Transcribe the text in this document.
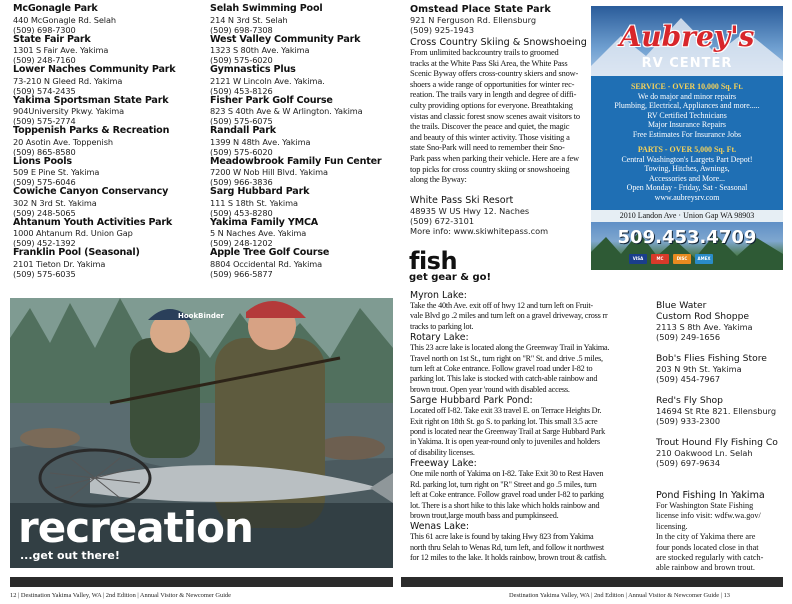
McGonagle Park
440 McGonagle Rd. Selah
(509) 698-7300
State Fair Park
1301 S Fair Ave. Yakima
(509) 248-7160
Lower Naches Community Park
73-210 N Gleed Rd. Yakima
(509) 574-2435
Yakima Sportsman State Park
904University Pkwy. Yakima
(509) 575-2774
Toppenish Parks & Recreation
20 Asotin Ave. Toppenish
(509) 865-8580
Lions Pools
509 E Pine St. Yakima
(509) 575-6046
Cowiche Canyon Conservancy
302 N 3rd St. Yakima
(509) 248-5065
Ahtanum Youth Activities Park
1000 Ahtanum Rd. Union Gap
(509) 452-1392
Franklin Pool (Seasonal)
2101 Tieton Dr. Yakima
(509) 575-6035
Selah Swimming Pool
214 N 3rd St. Selah
(509) 698-7308
West Valley Community Park
1323 S 80th Ave. Yakima
(509) 575-6020
Gymnastics Plus
2121 W Lincoln Ave. Yakima.
(509) 453-8126
Fisher Park Golf Course
823 S 40th Ave & W Arlington. Yakima
(509) 575-6075
Randall Park
1399 N 48th Ave. Yakima
(509) 575-6020
Meadowbrook Family Fun Center
7200 W Nob Hill Blvd. Yakima
(509) 966-3836
Sarg Hubbard Park
111 S 18th St. Yakima
(509) 453-8280
Yakima Family YMCA
5 N Naches Ave. Yakima
(509) 248-1202
Apple Tree Golf Course
8804 Occidental Rd. Yakima
(509) 966-5877
HookBinder
recreation
...get out there!
12 | Destination Yakima Valley, WA | 2nd Edition | Annual Visitor & Newcomer Guide	Destination Yakima Valley, WA | 2nd Edition | Annual Visitor & Newcomer Guide | 13
Omstead Place State Park
921 N Ferguson Rd. Ellensburg
(509) 925-1943
Cross Country Skiing & Snowshoeing
From unlimited backcountry trails to groomed
tracks at the White Pass Ski Area, the White Pass
Scenic Byway offers cross-country skiers and snow-
shoers a wide range of opportunities for winter rec-
reation. The trails vary in length and degree of diffi-
culty providing options for everyone. Breathtaking
vistas and classic forest snow scenes await visitors to
the trails. Discover the peace and quiet, the magic
and beauty of this winter activity. Those visiting a
state Sno-Park will need to remember their Sno-
Park pass when parking their vehicle. Here are a few
top picks for cross country skiing or snowshoeing
along the Byway:
White Pass Ski Resort
48935 W US Hwy 12. Naches
(509) 672-3101
More info: www.skiwhitepass.com
fish
get gear & go!
Myron Lake:
Take the 40th Ave. exit off of hwy 12 and turn left on Fruit-
vale Blvd go .2 miles and turn left on a gravel driveway, cross rr
tracks to parking lot.
Rotary Lake:
This 23 acre lake is located along the Greenway Trail in Yakima.
Travel north on 1st St., turn right on "R" St. and drive .5 miles,
turn left at Coke entrance. Follow gravel road under I-82 to
parking lot. This lake is stocked with catch-able rainbow and
brown trout. Open year 'round with disabled access.
Sarge Hubbard Park Pond:
Located off I-82. Take exit 33 travel E. on Terrace Heights Dr.
Exit right on 18th St. go S. to parking lot. This small 3.5 acre
pond is located near the Greenway Trail at Sarge Hubbard Park
in Yakima. It is open year-round only to juveniles and holders
of disability licenses.
Freeway Lake:
One mile north of Yakima on I-82. Take Exit 30 to Rest Haven
Rd. parking lot, turn right on "R" Street and go .5 miles, turn
left at Coke entrance. Follow gravel road under I-82 to parking
lot. There is a short hike to this lake which holds rainbow and
brown trout,large mouth bass and pumpkinseed.
Wenas Lake:
This 61 acre lake is found by taking Hwy 823 from Yakima
north thru Selah to Wenas Rd, turn left, and follow it northwest
for 12 miles to the lake. It holds rainbow, brown trout & catfish.
Blue Water
Custom Rod Shoppe
2113 S 8th Ave. Yakima
(509) 249-1656
Bob's Flies Fishing Store
203 N 9th St. Yakima
(509) 454-7967
Red's Fly Shop
14694 St Rte 821. Ellensburg
(509) 933-2300
Trout Hound Fly Fishing Co
210 Oakwood Ln. Selah
(509) 697-9634
Pond Fishing In Yakima
For Washington State Fishing
license info visit: wdfw.wa.gov/
licensing.
In the city of Yakima there are
four ponds located close in that
are stocked regularly with catch-
able rainbow and brown trout.
Aubrey's
RV CENTER
SERVICE - OVER 10,000 Sq. Ft.
We do major and minor repairs
Plumbing, Electrical, Appliances and more.....
RV Certified Technicians
Major Insurance Repairs
Free Estimates For Insurance Jobs
PARTS - OVER 5,000 Sq. Ft.
Central Washington's Largets Part Depot!
Towing, Hitches, Awnings,
Accessories and More...
Open Monday - Friday, Sat - Seasonal
www.aubreysrv.com
2010 Landon Ave · Union Gap WA 98903
509.453.4709
VISA	MC	DISC	AMEX
